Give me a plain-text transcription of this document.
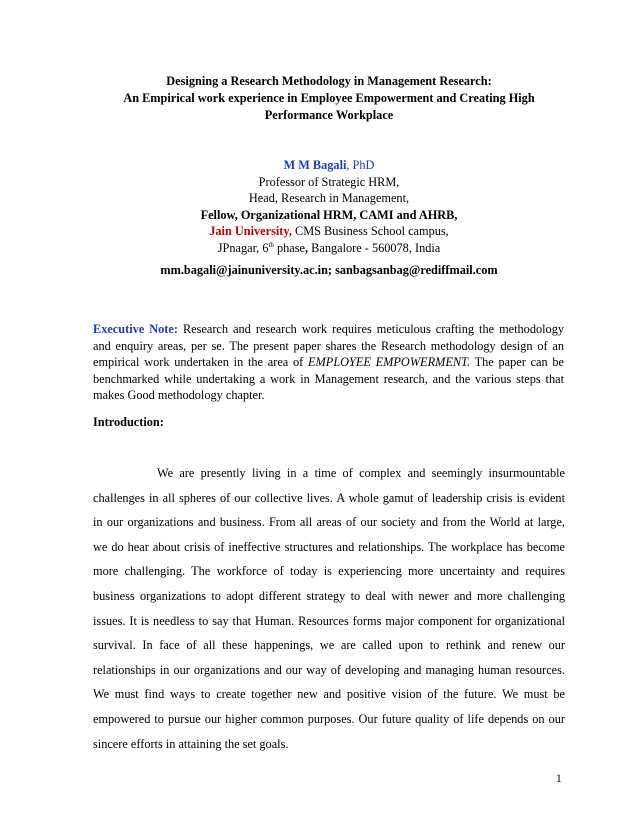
Designing a Research Methodology in Management Research:
An Empirical work experience in Employee Empowerment and Creating High
Performance Workplace
M M Bagali, PhD
Professor of Strategic HRM,
Head, Research in Management,
Fellow, Organizational HRM, CAMI and AHRB,
Jain University, CMS Business School campus,
JPnagar, 6th phase, Bangalore - 560078, India
mm.bagali@jainuniversity.ac.in; sanbagsanbag@rediffmail.com
Executive Note: Research and research work requires meticulous crafting the methodology
and enquiry areas, per se. The present paper shares the Research methodology design of an
empirical work undertaken in the area of EMPLOYEE EMPOWERMENT. The paper can be
benchmarked while undertaking a work in Management research, and the various steps that
makes Good methodology chapter.
Introduction:
We are presently living in a time of complex and seemingly insurmountable
challenges in all spheres of our collective lives. A whole gamut of leadership crisis is evident
in our organizations and business. From all areas of our society and from the World at large,
we do hear about crisis of ineffective structures and relationships. The workplace has become
more challenging. The workforce of today is experiencing more uncertainty and requires
business organizations to adopt different strategy to deal with newer and more challenging
issues. It is needless to say that Human. Resources forms major component for organizational
survival. In face of all these happenings, we are called upon to rethink and renew our
relationships in our organizations and our way of developing and managing human resources.
We must find ways to create together new and positive vision of the future. We must be
empowered to pursue our higher common purposes. Our future quality of life depends on our
sincere efforts in attaining the set goals.
1
